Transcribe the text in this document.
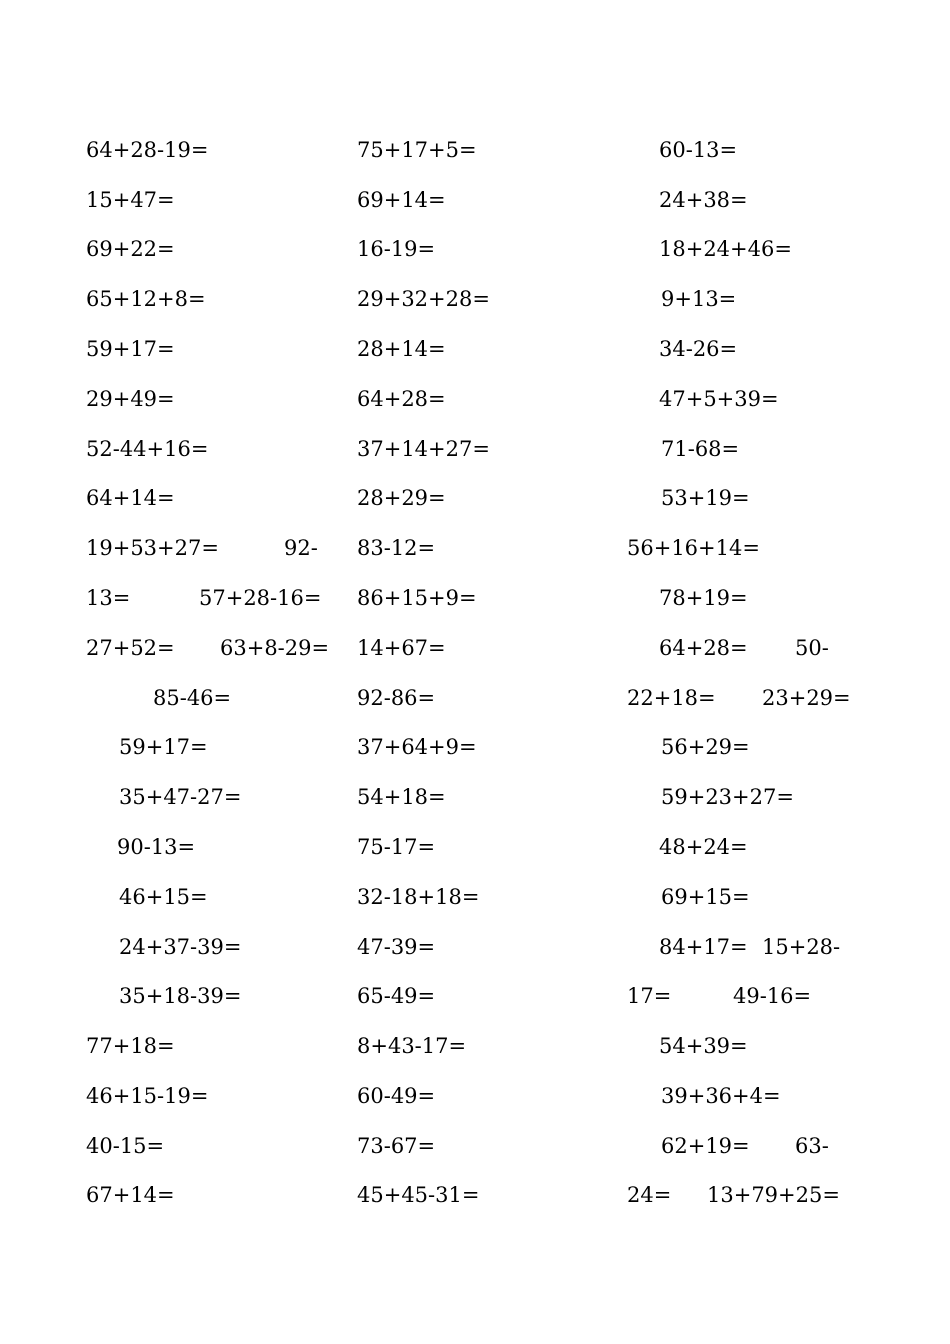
64+28-19=
15+47=
69+22=
65+12+8=
59+17=
29+49=
52-44+16=
64+14=
19+53+27=	92-
13=	57+28-16=
27+52= 63+8-29=
85-46=
59+17=
35+47-27=
90-13=
46+15=
24+37-39=
35+18-39=
77+18=
46+15-19=
40-15=
67+14=
75+17+5=
69+14=
16-19=
29+32+28=
28+14=
64+28=
37+14+27=
28+29=
83-12=
86+15+9=
14+67=
92-86=
37+64+9=
54+18=
75-17=
32-18+18=
47-39=
65-49=
8+43-17=
60-49=
73-67=
45+45-31=
60-13=
24+38=
18+24+46=
9+13=
34-26=
47+5+39=
71-68=
53+19=
56+16+14=
78+19=
64+28= 50-
22+18= 23+29=
56+29=
59+23+27=
48+24=
69+15=
84+17= 15+28-
17=	49-16=
54+39=
39+36+4=
62+19= 63-
24= 13+79+25=
